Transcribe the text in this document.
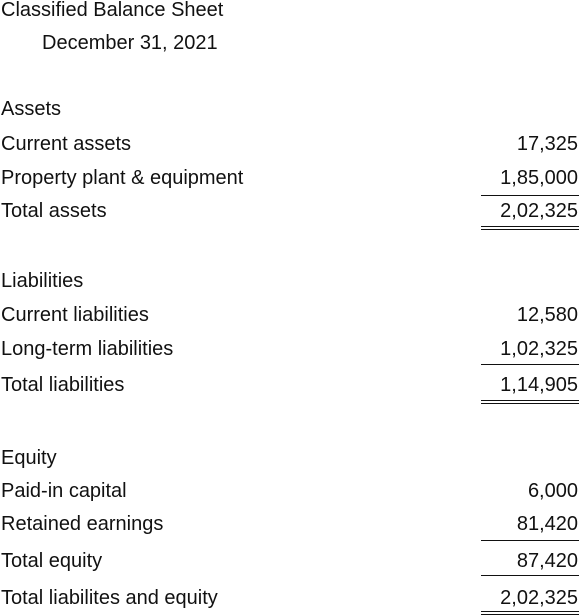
Classified Balance Sheet
December 31, 2021
Assets
Current assets	17,325
Property plant & equipment	1,85,000
Total assets	2,02,325
Liabilities
Current liabilities	12,580
Long-term liabilities	1,02,325
Total liabilities	1,14,905
Equity
Paid-in capital	6,000
Retained earnings	81,420
Total equity	87,420
Total liabilites and equity	2,02,325
